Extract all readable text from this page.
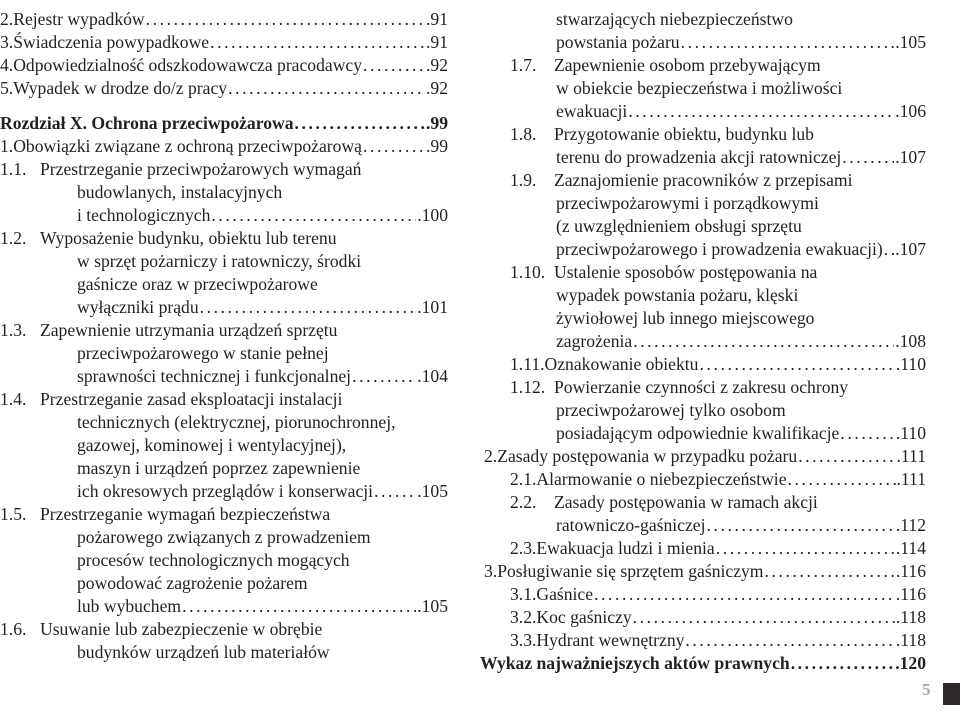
2. Rejestr wypadków .....	.91
3. Świadczenia powypadkowe .....	.91
4. Odpowiedzialność odszkodowawcza pracodawcy .....	.92
5. Wypadek w drodze do/z pracy .....	.92
Rozdział X. Ochrona przeciwpożarowa .....	.99
1. Obowiązki związane z ochroną przeciwpożarową .....	.99
1.1. Przestrzeganie przeciwpożarowych wymagań
budowlanych, instalacyjnych
i technologicznych .....	.100
1.2. Wyposażenie budynku, obiektu lub terenu
w sprzęt pożarniczy i ratowniczy, środki
gaśnicze oraz w przeciwpożarowe
wyłączniki prądu .....	.101
1.3. Zapewnienie utrzymania urządzeń sprzętu
przeciwpożarowego w stanie pełnej
sprawności technicznej i funkcjonalnej .....	.104
1.4. Przestrzeganie zasad eksploatacji instalacji
technicznych (elektrycznej, piorunochronnej,
gazowej, kominowej i wentylacyjnej),
maszyn i urządzeń poprzez zapewnienie
ich okresowych przeglądów i konserwacji .....	.105
1.5. Przestrzeganie wymagań bezpieczeństwa
pożarowego związanych z prowadzeniem
procesów technologicznych mogących
powodować zagrożenie pożarem
lub wybuchem .....	.105
1.6. Usuwanie lub zabezpieczenie w obrębie
budynków urządzeń lub materiałów
stwarzających niebezpieczeństwo
powstania pożaru .....	.105
1.7. Zapewnienie osobom przebywającym
w obiekcie bezpieczeństwa i możliwości
ewakuacji .....	.106
1.8. Przygotowanie obiektu, budynku lub
terenu do prowadzenia akcji ratowniczej .....	.107
1.9. Zaznajomienie pracowników z przepisami
przeciwpożarowymi i porządkowymi
(z uwzględnieniem obsługi sprzętu
przeciwpożarowego i prowadzenia ewakuacji) ..... .107
1.10. Ustalenie sposobów postępowania na
wypadek powstania pożaru, klęski
żywiołowej lub innego miejscowego
zagrożenia .....	.108
1.11. Oznakowanie obiektu .....	.110
1.12. Powierzanie czynności z zakresu ochrony
przeciwpożarowej tylko osobom
posiadającym odpowiednie kwalifikacje .....	.110
2. Zasady postępowania w przypadku pożaru .....	.111
2.1. Alarmowanie o niebezpieczeństwie .....	.111
2.2. Zasady postępowania w ramach akcji
ratowniczo-gaśniczej .....	.112
2.3. Ewakuacja ludzi i mienia .....	.114
3. Posługiwanie się sprzętem gaśniczym .....	.116
3.1. Gaśnice .....	.116
3.2. Koc gaśniczy .....	.118
3.3. Hydrant wewnętrzny .....	.118
Wykaz najważniejszych aktów prawnych .....	.120
5
